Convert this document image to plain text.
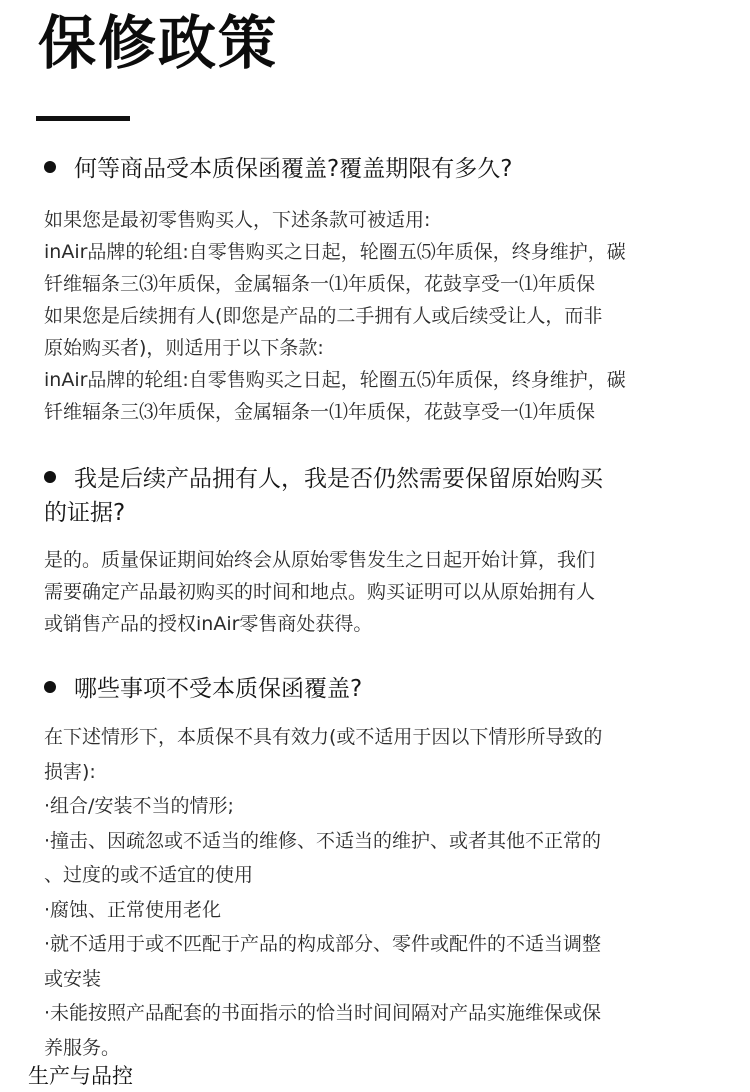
保修政策
何等商品受本质保函覆盖?覆盖期限有多久?
如果您是最初零售购买人，下述条款可被适用:
inAir品牌的轮组:自零售购买之日起，轮圈五⑸年质保，终身维护，碳
钎维辐条三⑶年质保，金属辐条一⑴年质保，花鼓享受一⑴年质保
如果您是后续拥有人(即您是产品的二手拥有人或后续受让人，而非
原始购买者)，则适用于以下条款:
inAir品牌的轮组:自零售购买之日起，轮圈五⑸年质保，终身维护，碳
钎维辐条三⑶年质保，金属辐条一⑴年质保，花鼓享受一⑴年质保
我是后续产品拥有人，我是否仍然需要保留原始购买
的证据?
是的。质量保证期间始终会从原始零售发生之日起开始计算，我们
需要确定产品最初购买的时间和地点。购买证明可以从原始拥有人
或销售产品的授权inAir零售商处获得。
哪些事项不受本质保函覆盖?
在下述情形下，本质保不具有效力(或不适用于因以下情形所导致的
损害):
·组合/安装不当的情形;
·撞击、因疏忽或不适当的维修、不适当的维护、或者其他不正常的
、过度的或不适宜的使用
·腐蚀、正常使用老化
·就不适用于或不匹配于产品的构成部分、零件或配件的不适当调整
或安装
·未能按照产品配套的书面指示的恰当时间间隔对产品实施维保或保
养服务。
生产与品控
